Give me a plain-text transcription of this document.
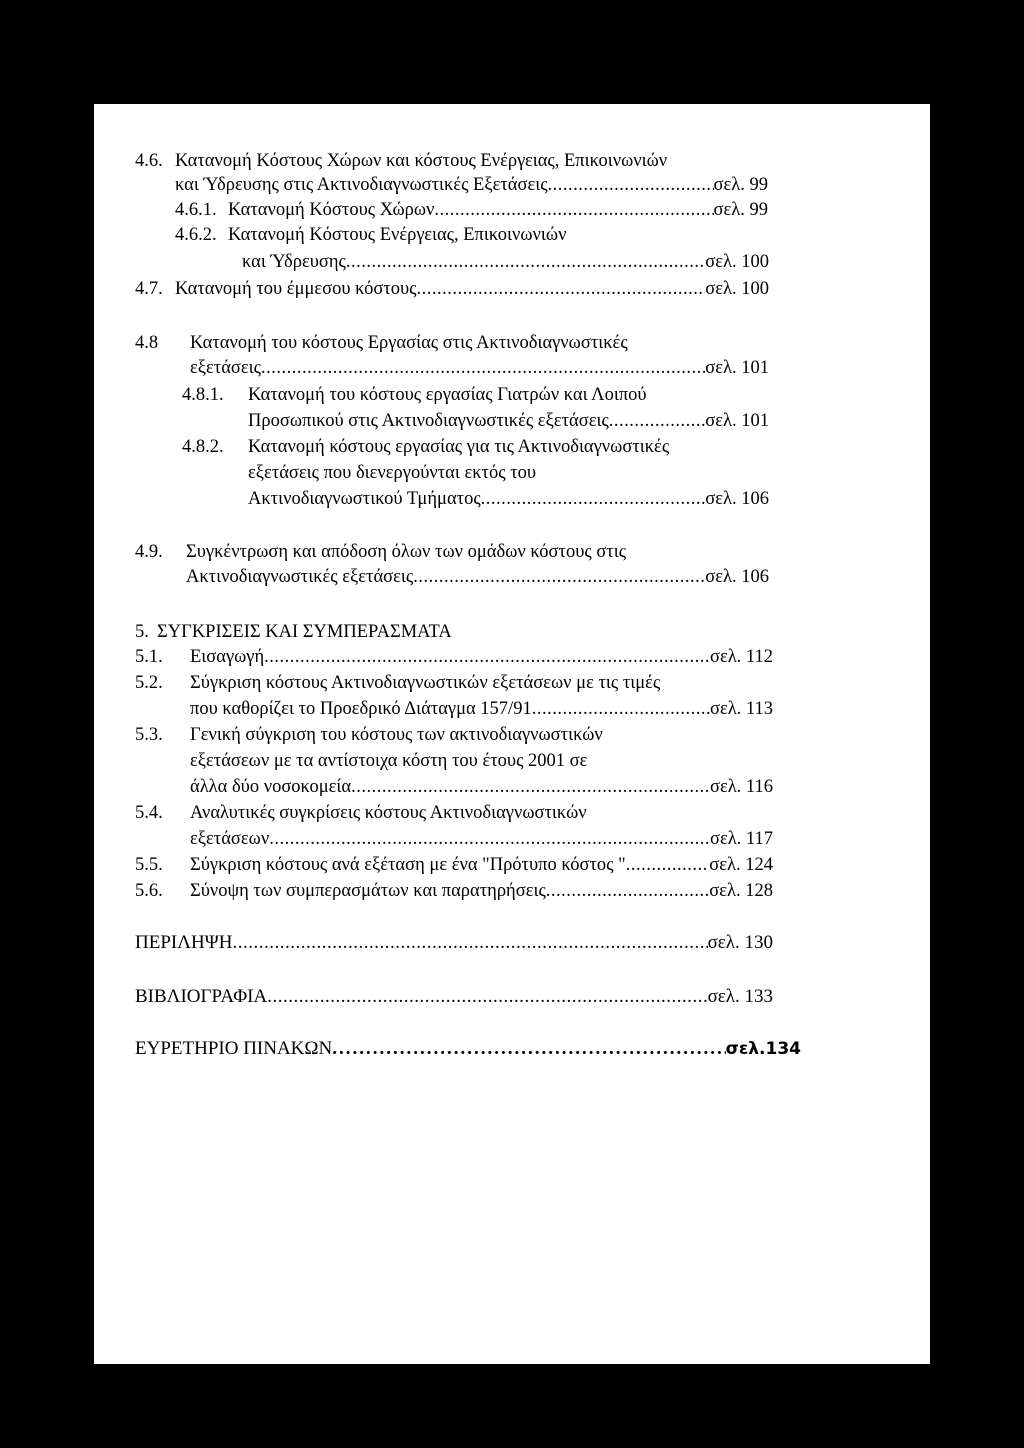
4.6. Κατανομή Κόστους Χώρων και κόστους Ενέργειας, Επικοινωνιών
και Ύδρευσης στις Ακτινοδιαγνωστικές Εξετάσεις .....	σελ. 99
4.6.1. Κατανομή Κόστους Χώρων .....	σελ. 99
4.6.2. Κατανομή Κόστους Ενέργειας, Επικοινωνιών
και Ύδρευσης .....	σελ. 100
4.7. Κατανομή του έμμεσου κόστους .....	σελ. 100
4.8 Κατανομή του κόστους Εργασίας στις Ακτινοδιαγνωστικές
εξετάσεις .....	σελ. 101
4.8.1. Κατανομή του κόστους εργασίας Γιατρών και Λοιπού
Προσωπικού στις Ακτινοδιαγνωστικές εξετάσεις .....	σελ. 101
4.8.2. Κατανομή κόστους εργασίας για τις Ακτινοδιαγνωστικές
εξετάσεις που διενεργούνται εκτός του
Ακτινοδιαγνωστικού Τμήματος .....	σελ. 106
4.9. Συγκέντρωση και απόδοση όλων των ομάδων κόστους στις
Ακτινοδιαγνωστικές εξετάσεις .....	σελ. 106
5. ΣΥΓΚΡΙΣΕΙΣ ΚΑΙ ΣΥΜΠΕΡΑΣΜΑΤΑ
5.1. Εισαγωγή .....	σελ. 112
5.2. Σύγκριση κόστους Ακτινοδιαγνωστικών εξετάσεων με τις τιμές
που καθορίζει το Προεδρικό Διάταγμα 157/91 .....	σελ. 113
5.3. Γενική σύγκριση του κόστους των ακτινοδιαγνωστικών
εξετάσεων με τα αντίστοιχα κόστη του έτους 2001 σε
άλλα δύο νοσοκομεία .....	σελ. 116
5.4. Αναλυτικές συγκρίσεις κόστους Ακτινοδιαγνωστικών
εξετάσεων .....	σελ. 117
5.5. Σύγκριση κόστους ανά εξέταση με ένα "Πρότυπο κόστος " .....	σελ. 124
5.6. Σύνοψη των συμπερασμάτων και παρατηρήσεις .....	σελ. 128
ΠΕΡΙΛΗΨΗ .....	σελ. 130
ΒΙΒΛΙΟΓΡΑΦΙΑ .....	σελ. 133
ΕΥΡΕΤΗΡΙΟ ΠΙΝΑΚΩΝ .....	σελ.134
